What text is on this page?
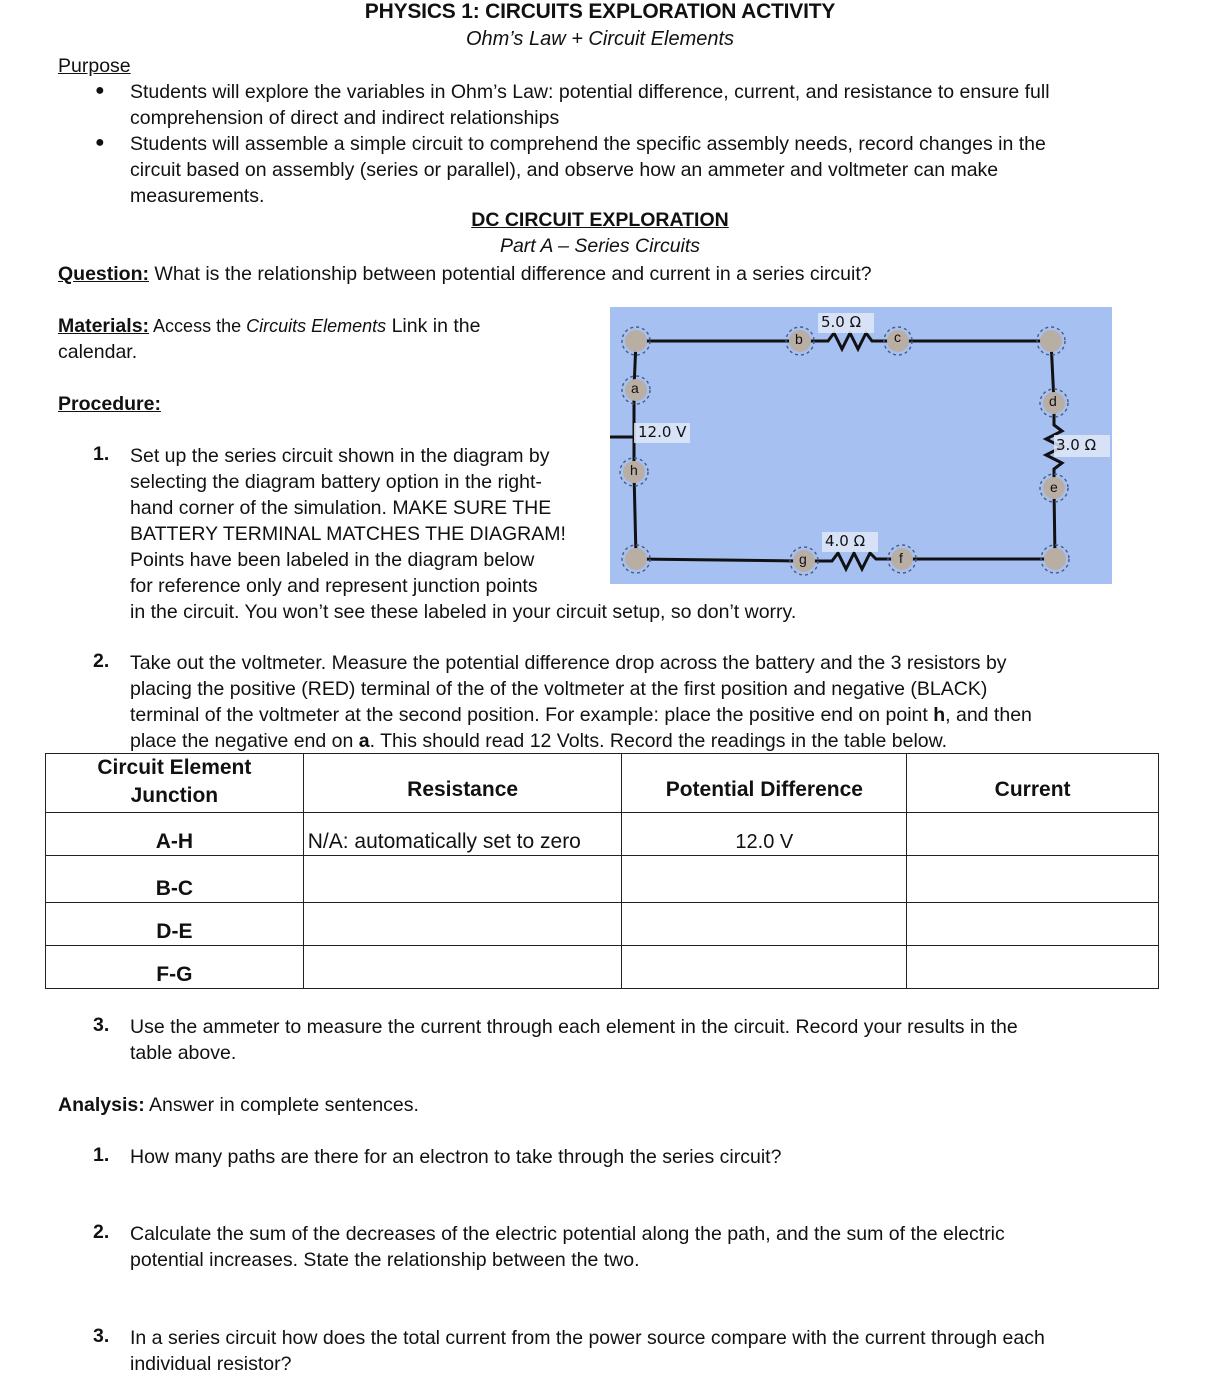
PHYSICS 1: CIRCUITS EXPLORATION ACTIVITY
Ohm’s Law + Circuit Elements
Purpose
● Students will explore the variables in Ohm’s Law: potential difference, current, and resistance to ensure full
comprehension of direct and indirect relationships
● Students will assemble a simple circuit to comprehend the specific assembly needs, record changes in the
circuit based on assembly (series or parallel), and observe how an ammeter and voltmeter can make
measurements.
DC CIRCUIT EXPLORATION
Part A – Series Circuits
Question: What is the relationship between potential difference and current in a series circuit?
Materials: Access the Circuits Elements Link in the
calendar.
Procedure:
1. Set up the series circuit shown in the diagram by
selecting the diagram battery option in the right-
hand corner of the simulation. MAKE SURE THE
BATTERY TERMINAL MATCHES THE DIAGRAM!
Points have been labeled in the diagram below
for reference only and represent junction points
in the circuit. You won’t see these labeled in your circuit setup, so don’t worry.
5.0 Ω
12.0 V
3.0 Ω
4.0 Ω
a
b	c
d
e
f
g
h
2. Take out the voltmeter. Measure the potential difference drop across the battery and the 3 resistors by
placing the positive (RED) terminal of the of the voltmeter at the first position and negative (BLACK)
terminal of the voltmeter at the second position. For example: place the positive end on point h, and then
place the negative end on a. This should read 12 Volts. Record the readings in the table below.
Circuit Element
Junction	Resistance	Potential Difference	Current
A-H	N/A: automatically set to zero	12.0 V	
B-C			
D-E			
F-G			
3. Use the ammeter to measure the current through each element in the circuit. Record your results in the
table above.
Analysis: Answer in complete sentences.
1. How many paths are there for an electron to take through the series circuit?
2. Calculate the sum of the decreases of the electric potential along the path, and the sum of the electric
potential increases. State the relationship between the two.
3. In a series circuit how does the total current from the power source compare with the current through each
individual resistor?
